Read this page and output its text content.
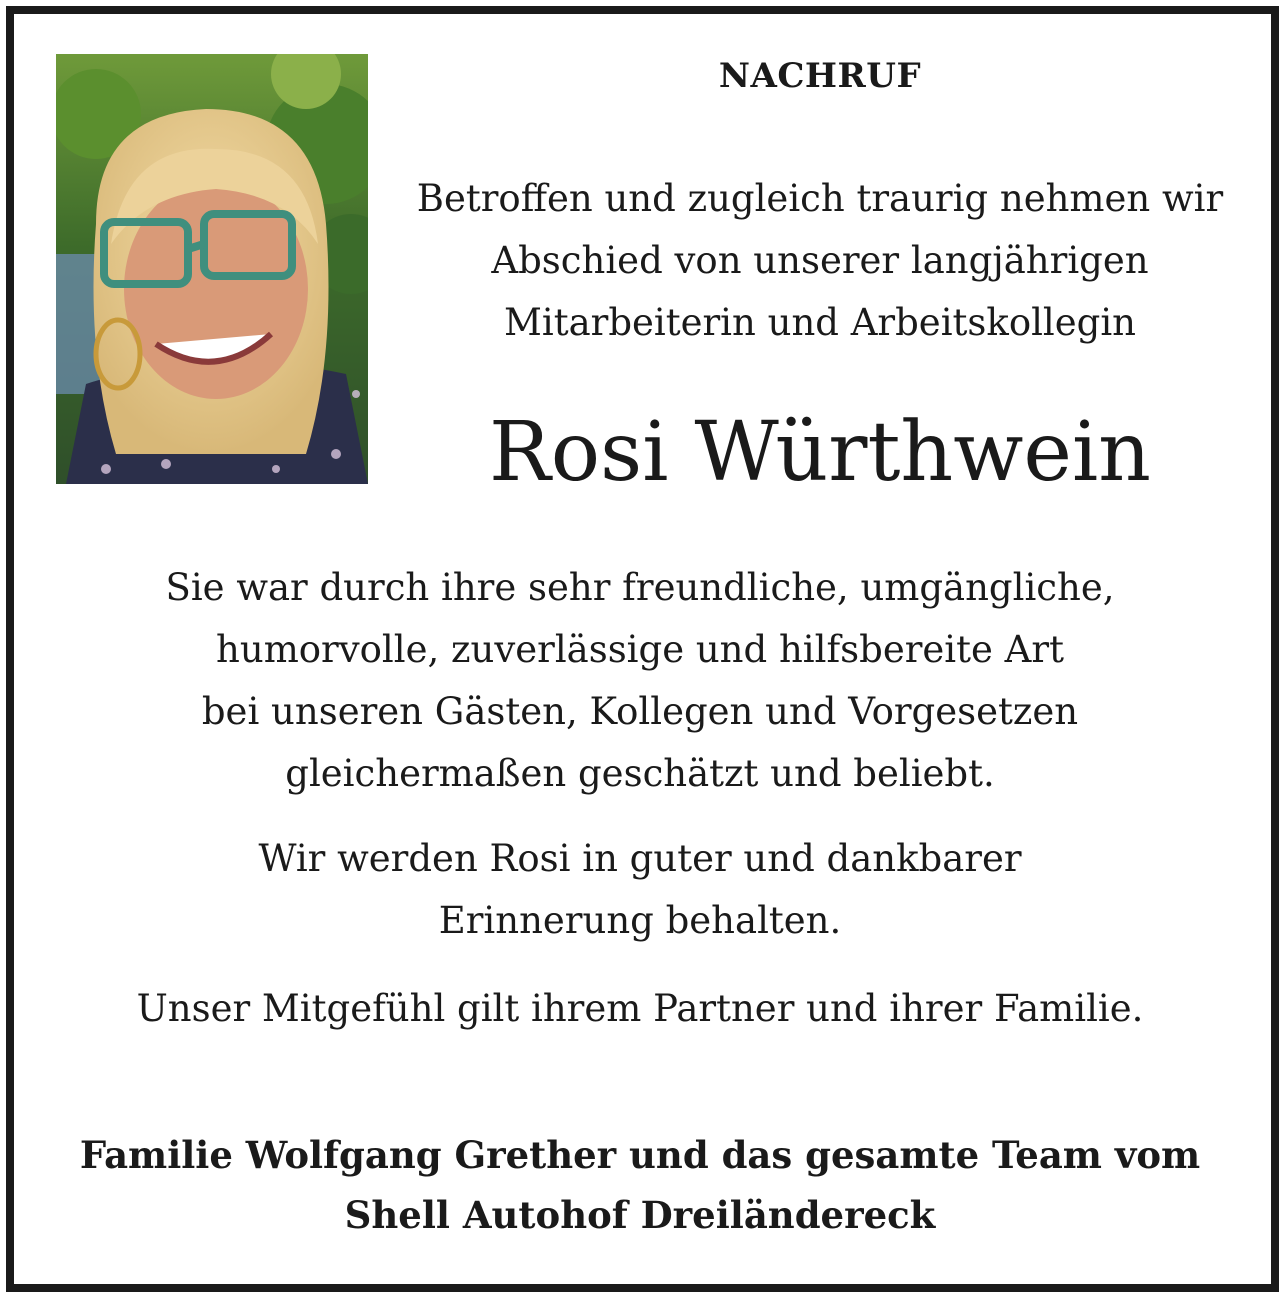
NACHRUF
Betroffen und zugleich traurig nehmen wir
Abschied von unserer langjährigen
Mitarbeiterin und Arbeitskollegin
Rosi Würthwein
Sie war durch ihre sehr freundliche, umgängliche,
humorvolle, zuverlässige und hilfsbereite Art
bei unseren Gästen, Kollegen und Vorgesetzen
gleichermaßen geschätzt und beliebt.
Wir werden Rosi in guter und dankbarer
Erinnerung behalten.
Unser Mitgefühl gilt ihrem Partner und ihrer Familie.
Familie Wolfgang Grether und das gesamte Team vom
Shell Autohof Dreiländereck
